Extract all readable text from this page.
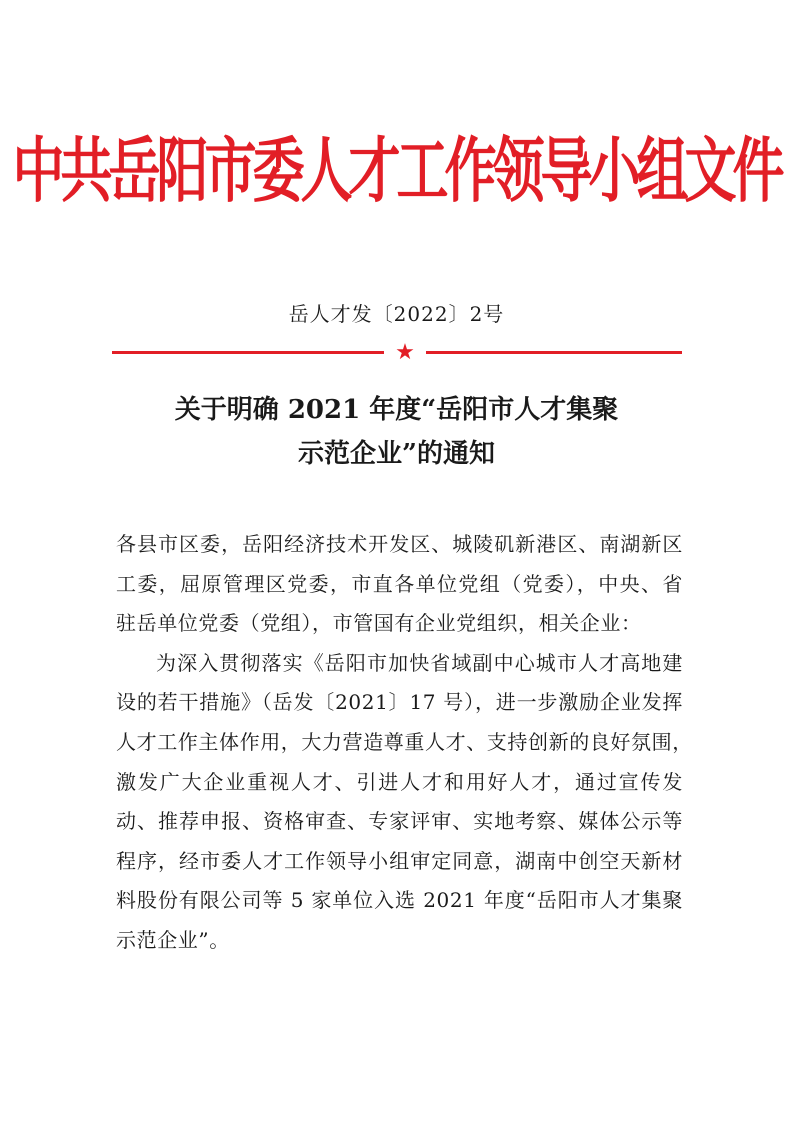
中共岳阳市委人才工作领导小组文件
岳人才发〔2022〕2号
★
关于明确 2021 年度“岳阳市人才集聚
示范企业”的通知
各县市区委，岳阳经济技术开发区、城陵矶新港区、南湖新区
工委，屈原管理区党委，市直各单位党组（党委），中央、省
驻岳单位党委（党组），市管国有企业党组织，相关企业：
为深入贯彻落实《岳阳市加快省域副中心城市人才高地建
设的若干措施》（岳发〔2021〕17 号），进一步激励企业发挥
人才工作主体作用，大力营造尊重人才、支持创新的良好氛围，
激发广大企业重视人才、引进人才和用好人才，通过宣传发
动、推荐申报、资格审查、专家评审、实地考察、媒体公示等
程序，经市委人才工作领导小组审定同意，湖南中创空天新材
料股份有限公司等 5 家单位入选 2021 年度“岳阳市人才集聚
示范企业”。
